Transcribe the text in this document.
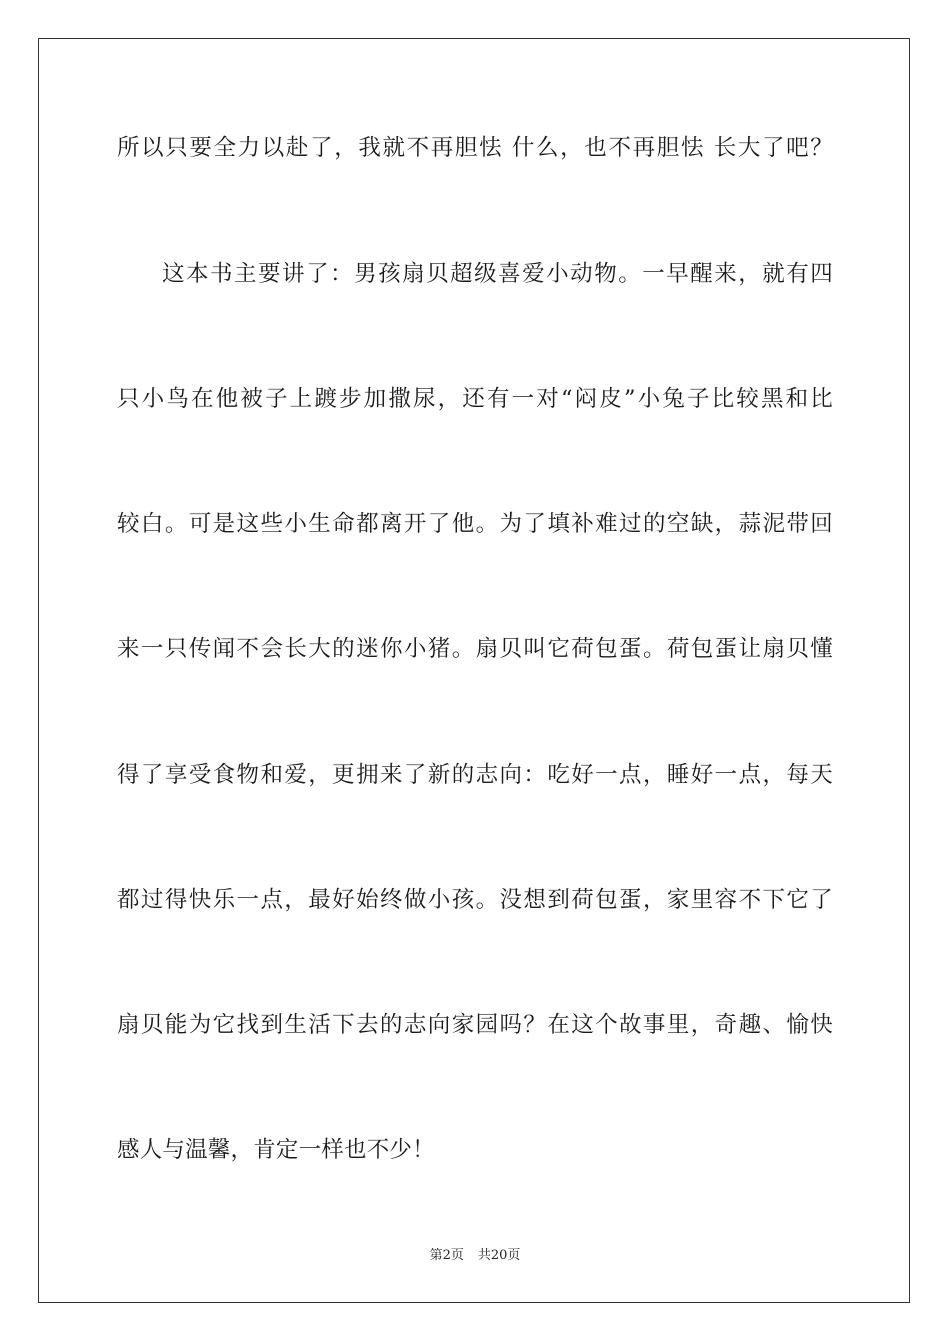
所以只要全力以赴了，我就不再胆怯 什么，也不再胆怯 长大了吧？
这本书主要讲了：男孩扇贝超级喜爱小动物。一早醒来，就有四
只小鸟在他被子上踱步加撒尿，还有一对“闷皮”小兔子比较黑和比
较白。可是这些小生命都离开了他。为了填补难过的空缺，蒜泥带回
来一只传闻不会长大的迷你小猪。扇贝叫它荷包蛋。荷包蛋让扇贝懂
得了享受食物和爱，更拥来了新的志向：吃好一点，睡好一点，每天
都过得快乐一点，最好始终做小孩。没想到荷包蛋，家里容不下它了
扇贝能为它找到生活下去的志向家园吗？在这个故事里，奇趣、愉快
感人与温馨，肯定一样也不少！
第2页 共20页
